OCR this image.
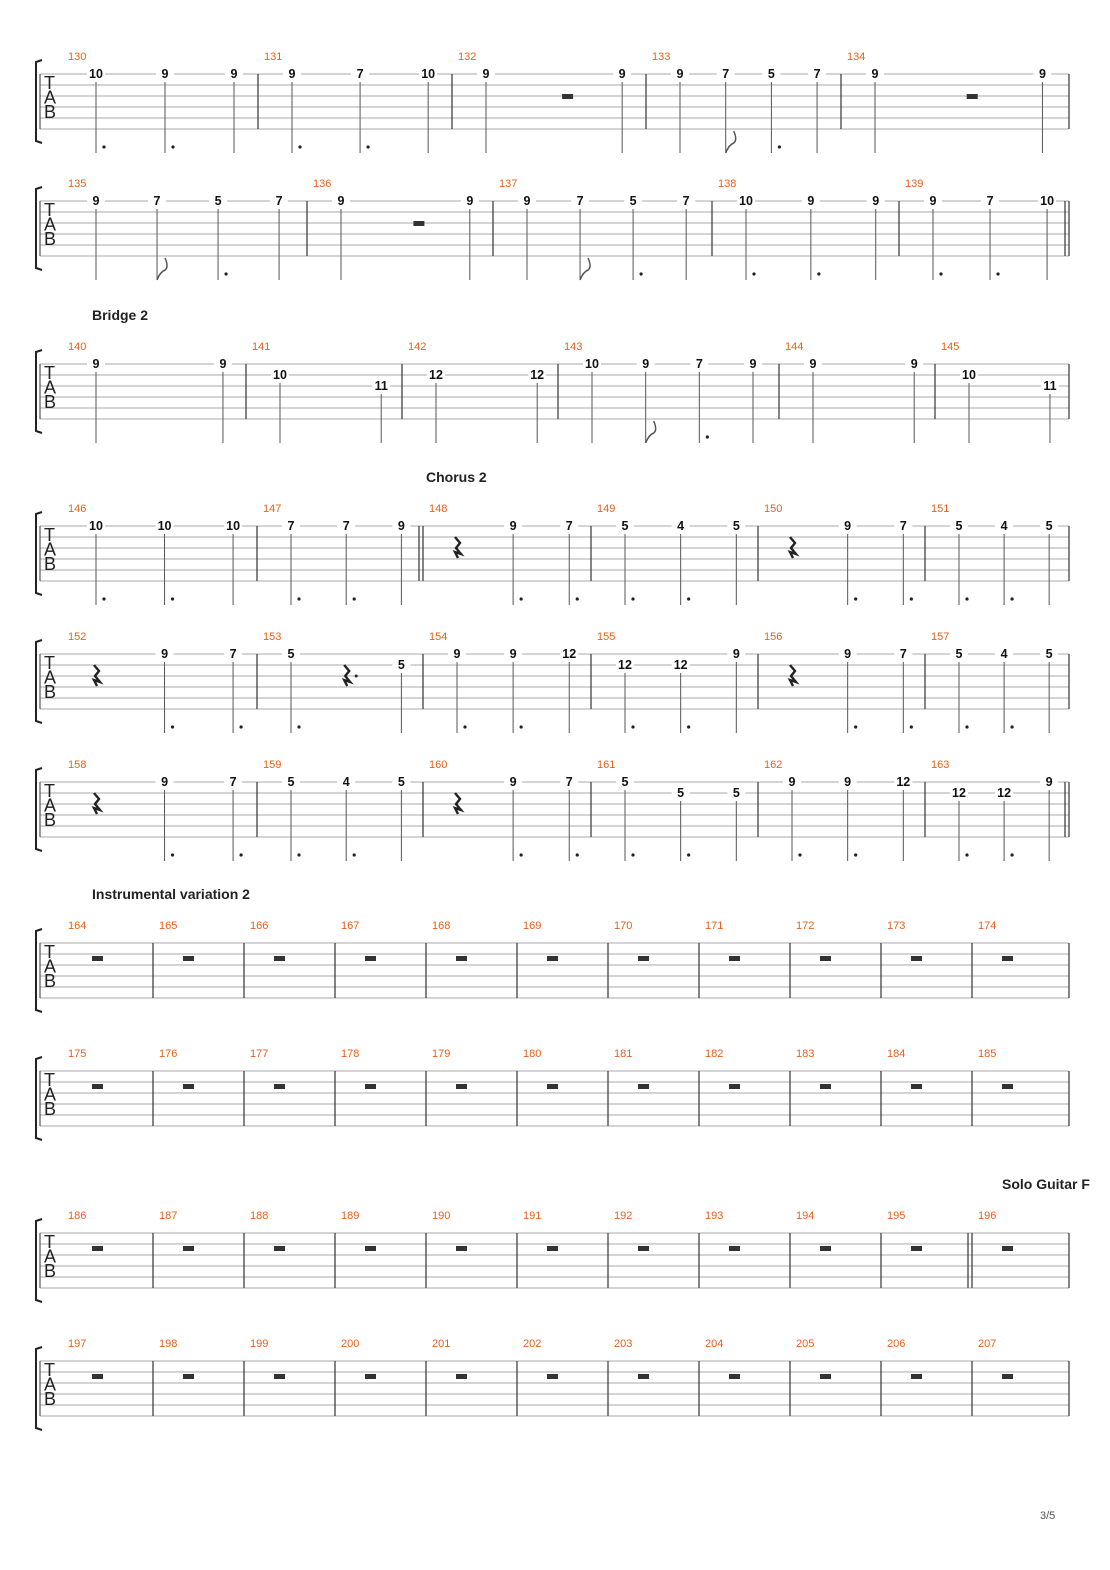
T
A
B
130
10	9	9
131
9	7	10
132
9	9
133
9	7	5	7
134
9	9
T
A
B
135
9	7	5	7
136
9	9
137
9	7	5	7
138
10	9	9
139
9	7	10
Bridge 2
T
A
B
140
9	9
141
10
11
142
12	12
143
10	9	7	9
144
9	9
145
10
11
Chorus 2
T
A
B
146
10	10	10
147
7	7	9
148
9	7
149
5	4	5
150
9	7
151
5	4	5
T
A
B
152
9	7
153
5
5
154
9	9	12
155
12	12
9
156
9	7
157
5	4	5
T
A
B
158
9	7
159
5	4	5
160
9	7
161
5
5	5
162
9	9	12
163
12 12
9
Instrumental variation 2
T
A
B
164	165	166	167	168	169	170	171	172	173	174
T
A
B
175	176	177	178	179	180	181	182	183	184	185
Solo Guitar F
T
A
B
186	187	188	189	190	191	192	193	194	195	196
T
A
B
197	198	199	200	201	202	203	204	205	206	207
3/5
